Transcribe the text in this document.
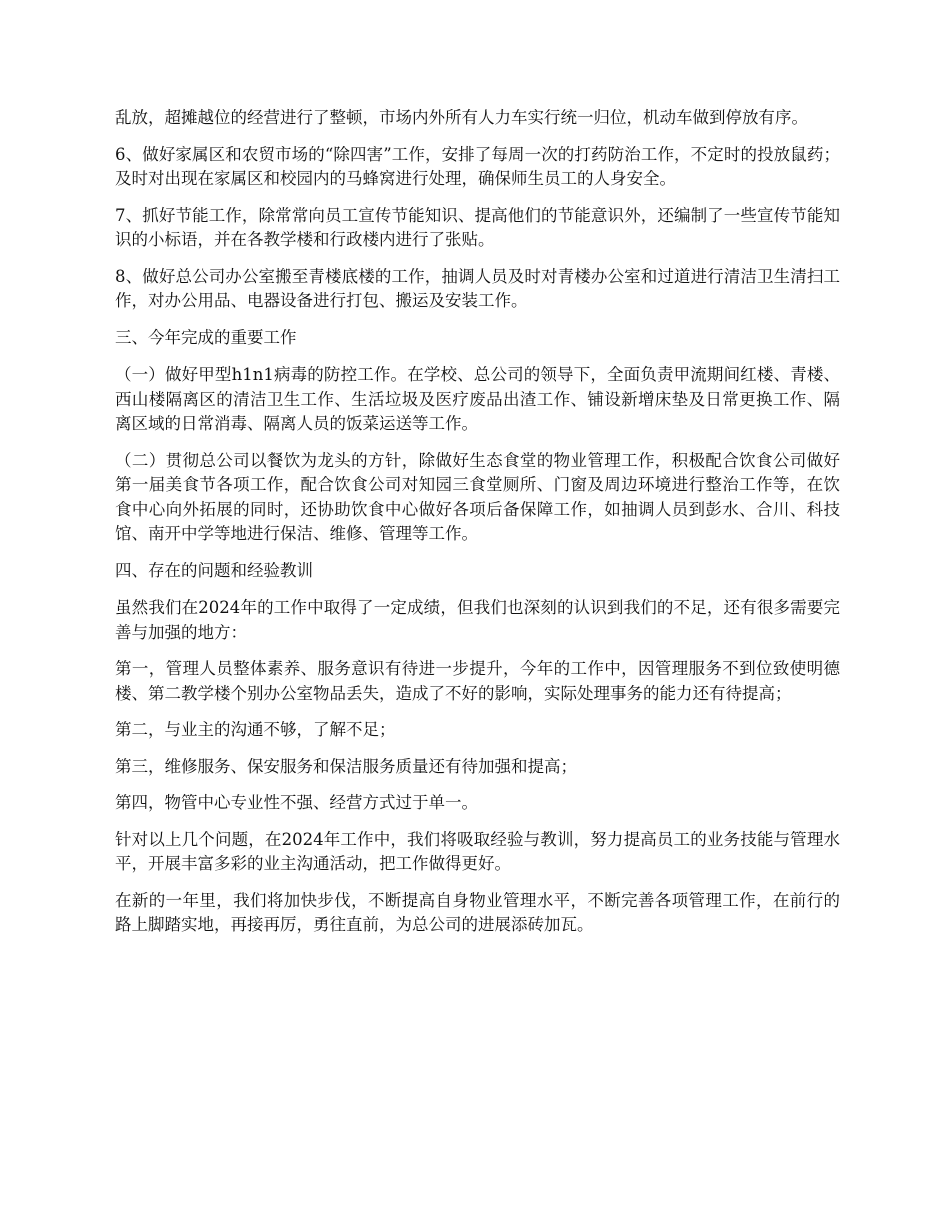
乱放，超摊越位的经营进行了整顿，市场内外所有人力车实行统一归位，机动车做到停放有序。

6、做好家属区和农贸市场的“除四害”工作，安排了每周一次的打药防治工作，不定时的投放鼠药；及时对出现在家属区和校园内的马蜂窝进行处理，确保师生员工的人身安全。

7、抓好节能工作，除常常向员工宣传节能知识、提高他们的节能意识外，还编制了一些宣传节能知识的小标语，并在各教学楼和行政楼内进行了张贴。

8、做好总公司办公室搬至青楼底楼的工作，抽调人员及时对青楼办公室和过道进行清洁卫生清扫工作，对办公用品、电器设备进行打包、搬运及安装工作。

三、今年完成的重要工作

（一）做好甲型h1n1病毒的防控工作。在学校、总公司的领导下，全面负责甲流期间红楼、青楼、西山楼隔离区的清洁卫生工作、生活垃圾及医疗废品出渣工作、铺设新增床垫及日常更换工作、隔离区域的日常消毒、隔离人员的饭菜运送等工作。

（二）贯彻总公司以餐饮为龙头的方针，除做好生态食堂的物业管理工作，积极配合饮食公司做好第一届美食节各项工作，配合饮食公司对知园三食堂厕所、门窗及周边环境进行整治工作等，在饮食中心向外拓展的同时，还协助饮食中心做好各项后备保障工作，如抽调人员到彭水、合川、科技馆、南开中学等地进行保洁、维修、管理等工作。

四、存在的问题和经验教训

虽然我们在2024年的工作中取得了一定成绩，但我们也深刻的认识到我们的不足，还有很多需要完善与加强的地方：

第一，管理人员整体素养、服务意识有待进一步提升，今年的工作中，因管理服务不到位致使明德楼、第二教学楼个别办公室物品丢失，造成了不好的影响，实际处理事务的能力还有待提高；

第二，与业主的沟通不够，了解不足；

第三，维修服务、保安服务和保洁服务质量还有待加强和提高；

第四，物管中心专业性不强、经营方式过于单一。

针对以上几个问题，在2024年工作中，我们将吸取经验与教训，努力提高员工的业务技能与管理水平，开展丰富多彩的业主沟通活动，把工作做得更好。

在新的一年里，我们将加快步伐，不断提高自身物业管理水平，不断完善各项管理工作，在前行的路上脚踏实地，再接再厉，勇往直前，为总公司的进展添砖加瓦。
